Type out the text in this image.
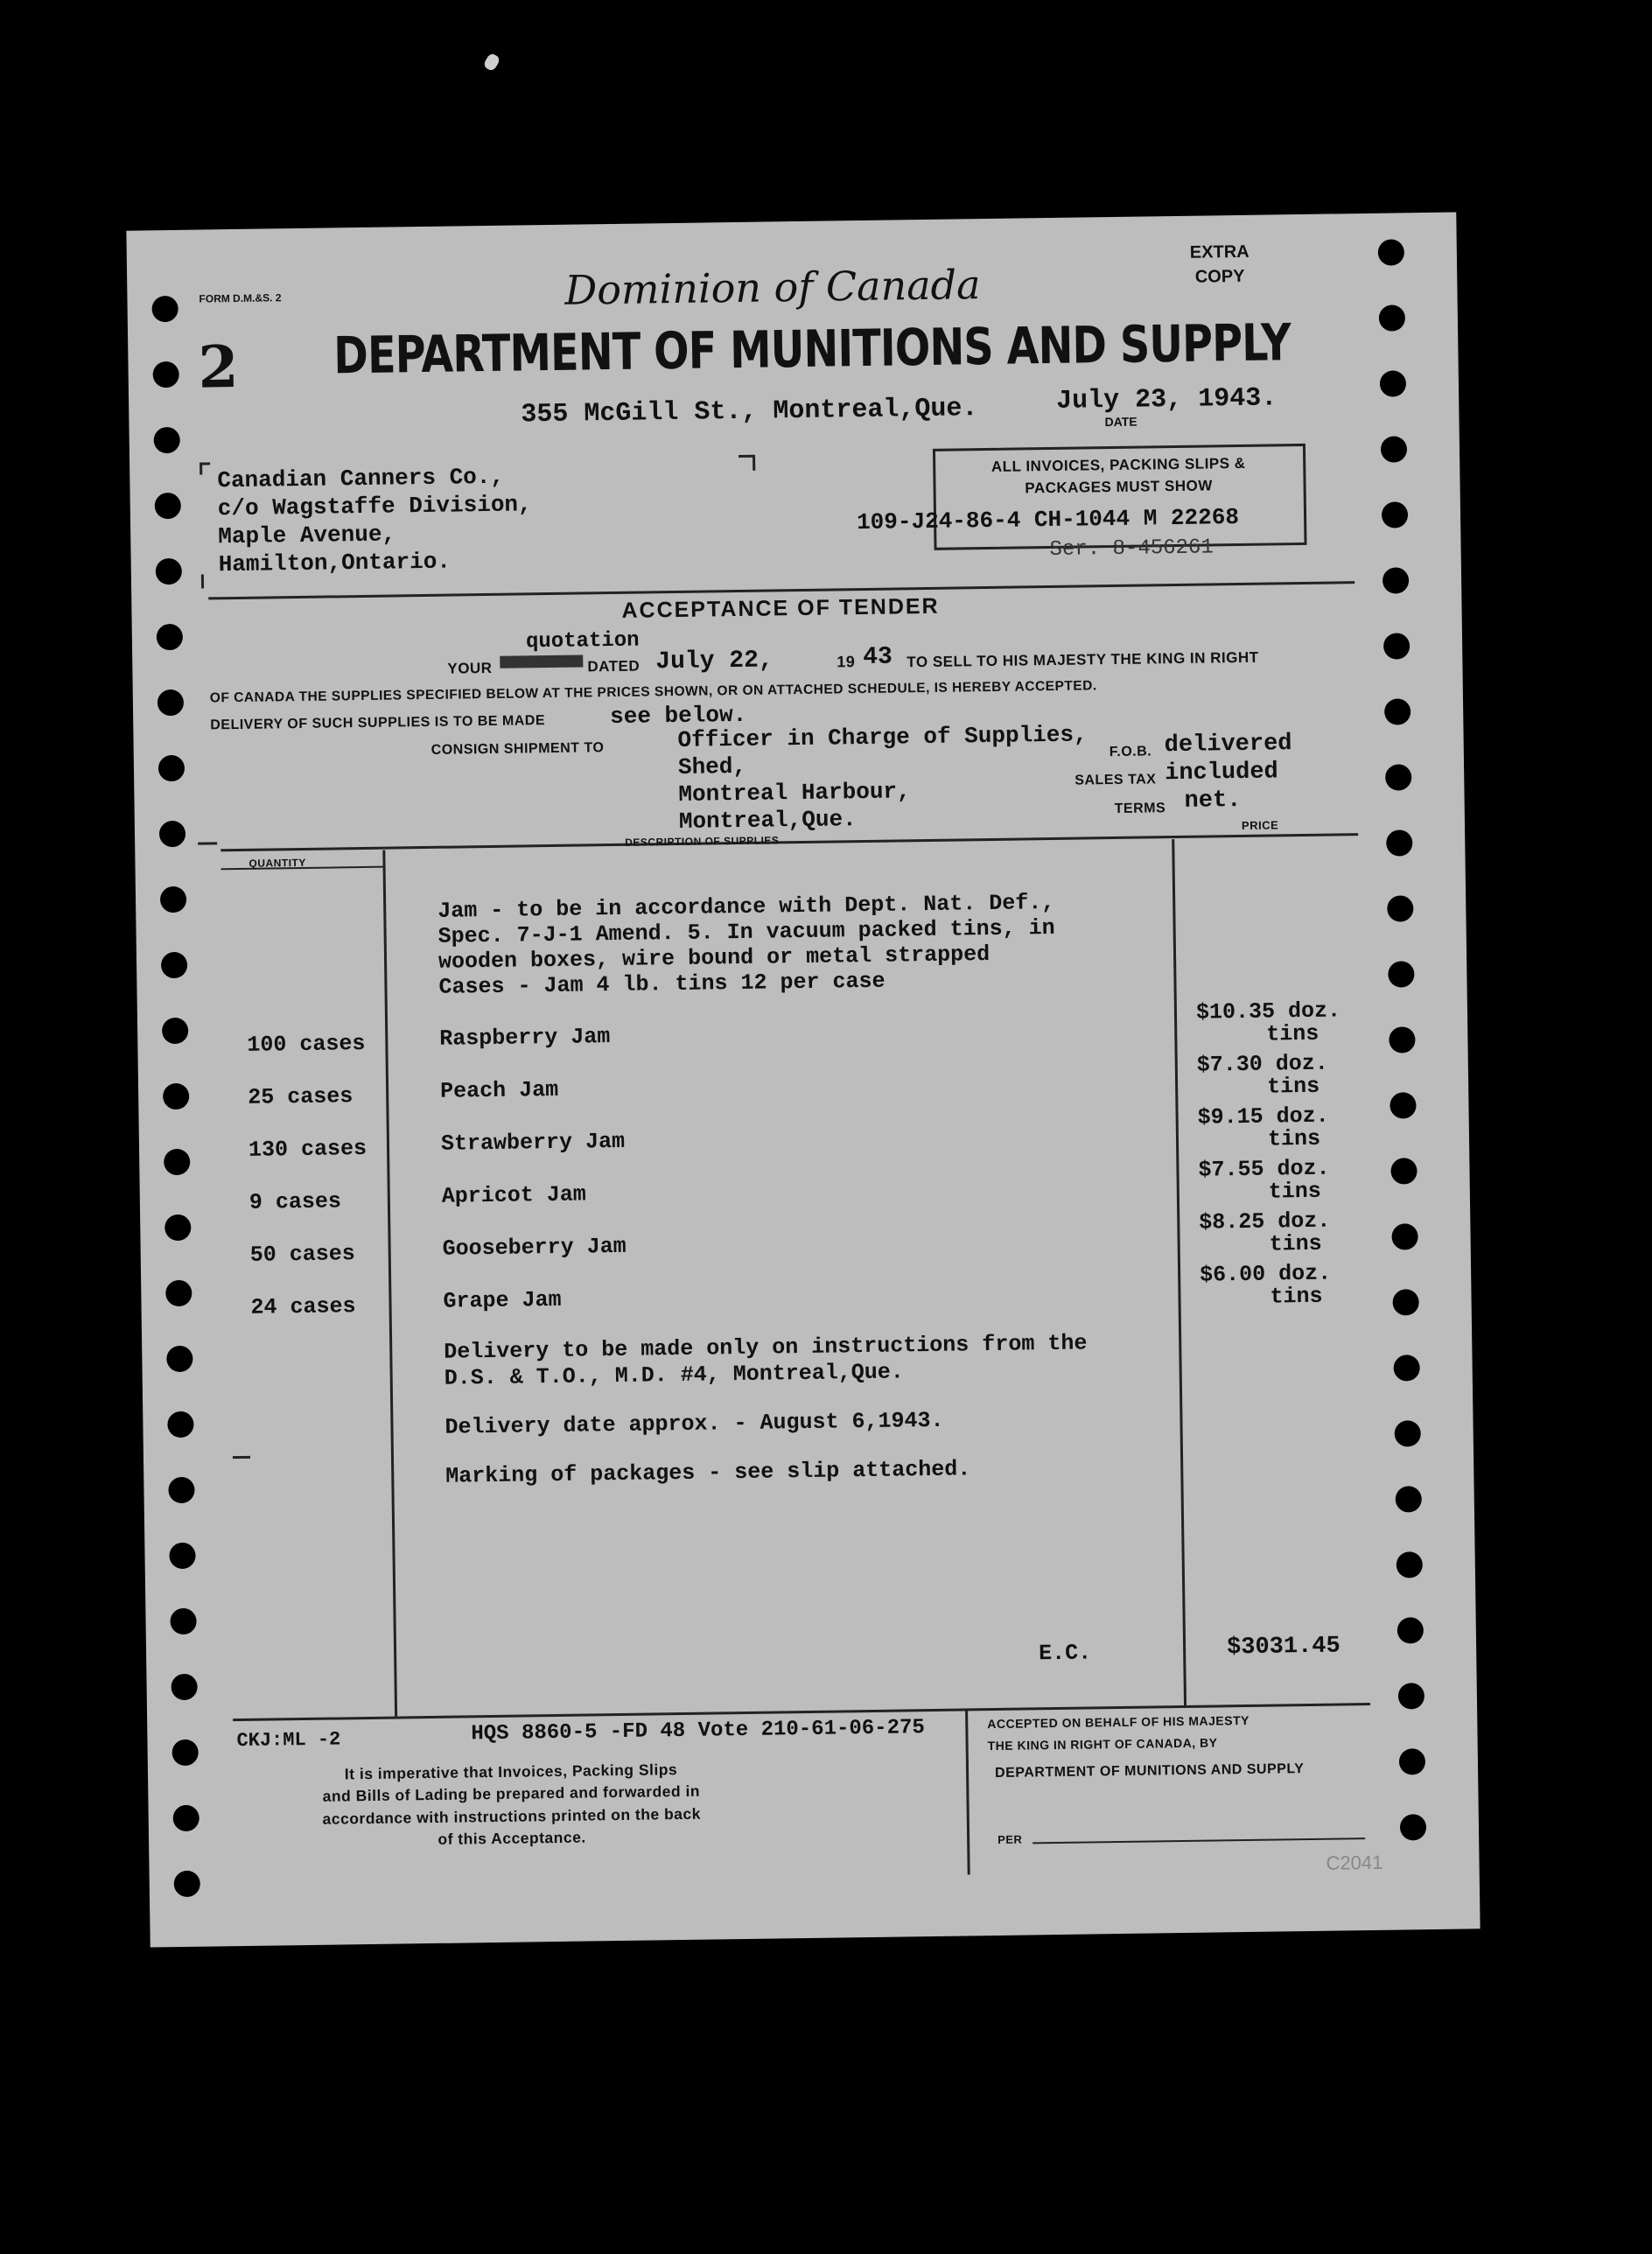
FORM D.M.&S. 2
EXTRA
COPY
Dominion of Canada
2 DEPARTMENT OF MUNITIONS AND SUPPLY
355 McGill St., Montreal,Que.	July 23, 1943.
DATE
Canadian Canners Co.,
c/o Wagstaffe Division,
Maple Avenue,
Hamilton,Ontario.
ALL INVOICES, PACKING SLIPS &
PACKAGES MUST SHOW
109-J24-86-4 CH-1044 M 22268
Ser. 8-456261
ACCEPTANCE OF TENDER
quotation
YOUR	DATED July 22,	19 43 TO SELL TO HIS MAJESTY THE KING IN RIGHT
OF CANADA THE SUPPLIES SPECIFIED BELOW AT THE PRICES SHOWN, OR ON ATTACHED SCHEDULE, IS HEREBY ACCEPTED.
DELIVERY OF SUCH SUPPLIES IS TO BE MADE	see below.
CONSIGN SHIPMENT TO	Officer in Charge of Supplies,
Shed,
Montreal Harbour,
Montreal,Que.
F.O.B. delivered
SALES TAX included
TERMS net.
DESCRIPTION OF SUPPLIES
PRICE
QUANTITY
Jam - to be in accordance with Dept. Nat. Def.,
Spec. 7-J-1 Amend. 5. In vacuum packed tins, in
wooden boxes, wire bound or metal strapped
Cases - Jam 4 lb. tins 12 per case
100 cases	Raspberry Jam
$10.35 doz.
tins
25 cases	Peach Jam
$7.30 doz.
tins
130 cases	Strawberry Jam
$9.15 doz.
tins
9 cases	Apricot Jam
$7.55 doz.
tins
50 cases	Gooseberry Jam
$8.25 doz.
tins
24 cases	Grape Jam
$6.00 doz.
tins
Delivery to be made only on instructions from the
D.S. & T.O., M.D. #4, Montreal,Que.
Delivery date approx. - August 6,1943.
Marking of packages - see slip attached.
E.C.	$3031.45
CKJ:ML -2	HQS 8860-5 -FD 48 Vote 210-61-06-275
It is imperative that Invoices, Packing Slips
and Bills of Lading be prepared and forwarded in
accordance with instructions printed on the back
of this Acceptance.
ACCEPTED ON BEHALF OF HIS MAJESTY
THE KING IN RIGHT OF CANADA, BY
DEPARTMENT OF MUNITIONS AND SUPPLY
PER
C2041
